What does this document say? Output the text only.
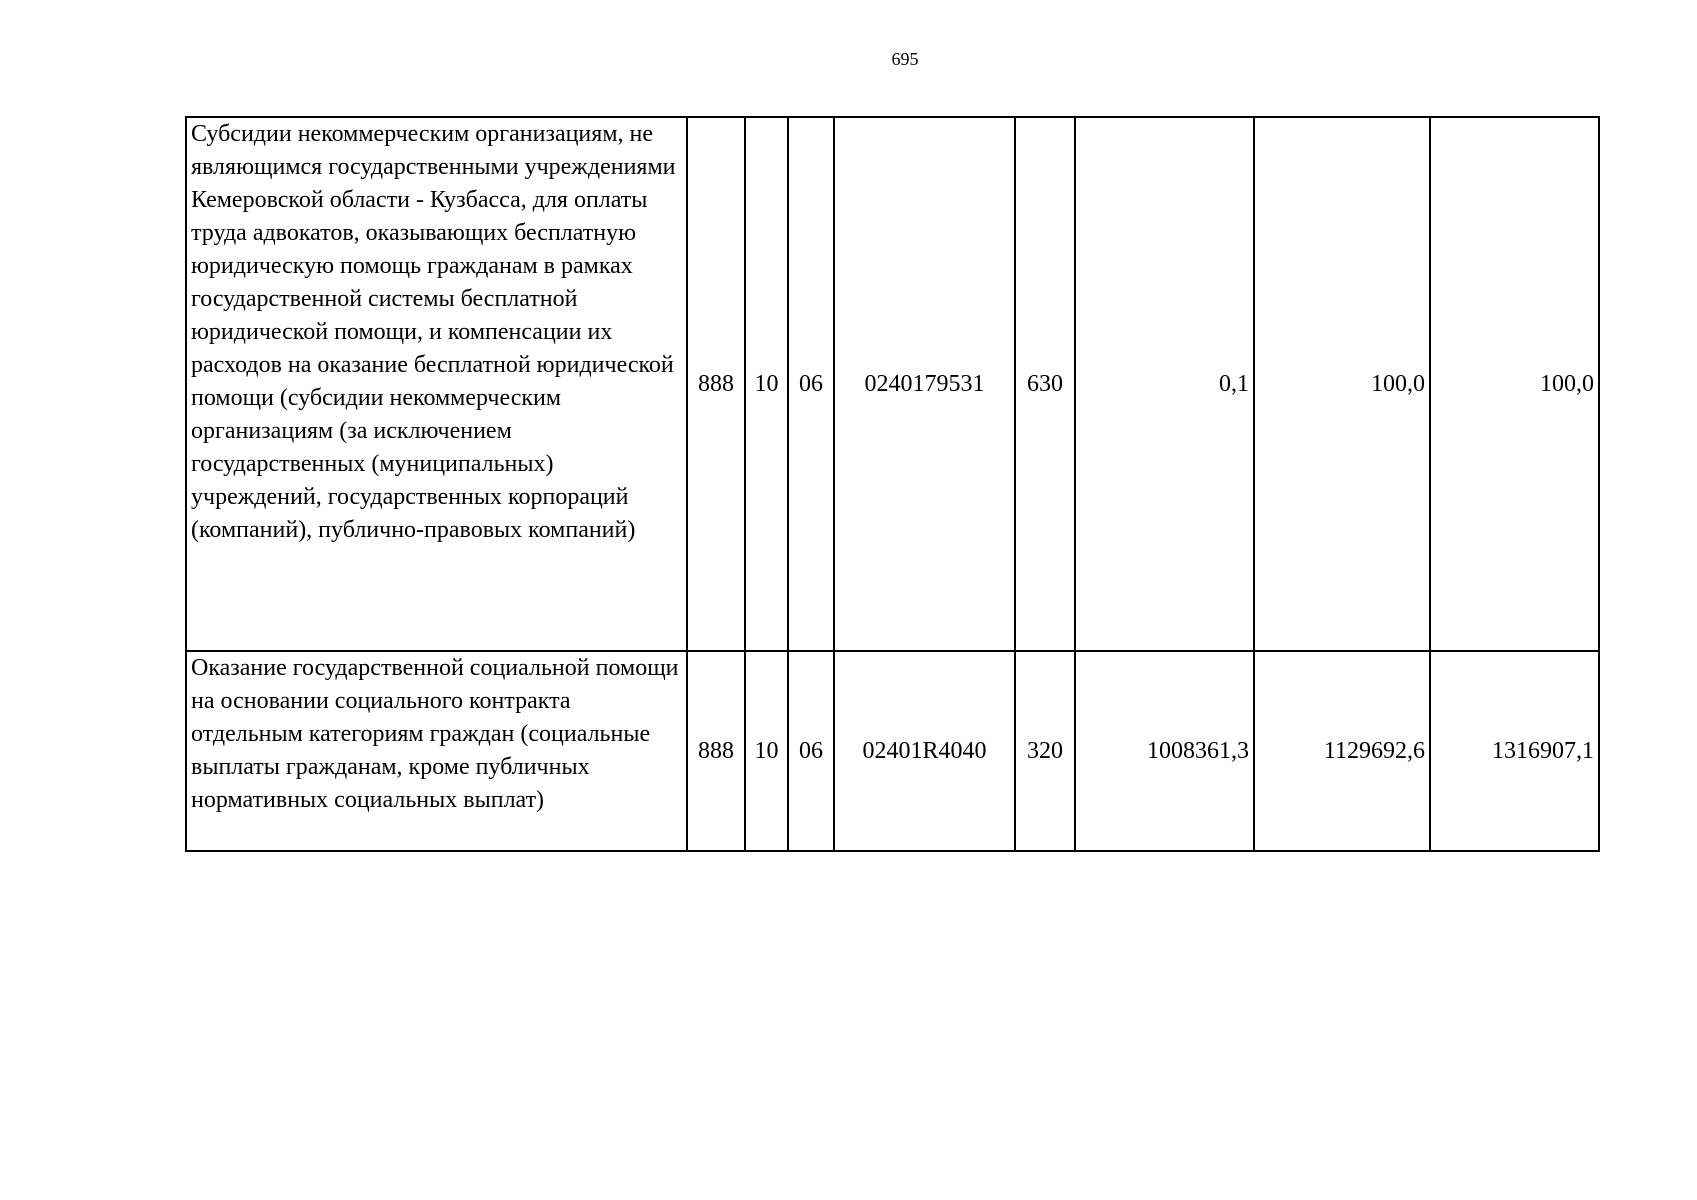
695
Субсидии некоммерческим организациям, не являющимся государственными учреждениями Кемеровской области - Кузбасса, для оплаты труда адвокатов, оказывающих бесплатную юридическую помощь гражданам в рамках государственной системы бесплатной юридической помощи, и компенсации их расходов на оказание бесплатной юридической помощи (субсидии некоммерческим организациям (за исключением государственных (муниципальных) учреждений, государственных корпораций (компаний), публично-правовых компаний)	888	10	06	0240179531	630	0,1	100,0	100,0
Оказание государственной социальной помощи на основании социального контракта отдельным категориям граждан (социальные выплаты гражданам, кроме публичных нормативных социальных выплат)	888	10	06	02401R4040	320	1008361,3	1129692,6	1316907,1
